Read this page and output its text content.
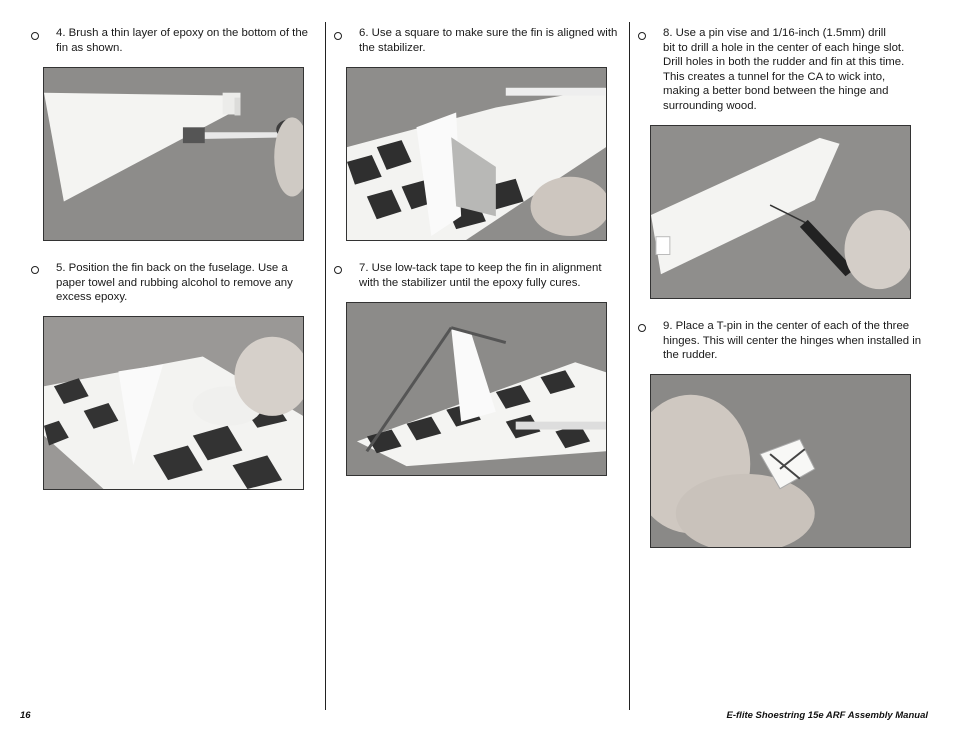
4. Brush a thin layer of epoxy on the bottom of the
fin as shown.
5. Position the fin back on the fuselage. Use a
paper towel and rubbing alcohol to remove any
excess epoxy.
6. Use a square to make sure the fin is aligned with
the stabilizer.
7. Use low-tack tape to keep the fin in alignment
with the stabilizer until the epoxy fully cures.
8. Use a pin vise and 1/16-inch (1.5mm) drill
bit to drill a hole in the center of each hinge slot.
Drill holes in both the rudder and fin at this time.
This creates a tunnel for the CA to wick into,
making a better bond between the hinge and
surrounding wood.
9. Place a T-pin in the center of each of the three
hinges. This will center the hinges when installed in
the rudder.
16	E-flite Shoestring 15e ARF Assembly Manual
